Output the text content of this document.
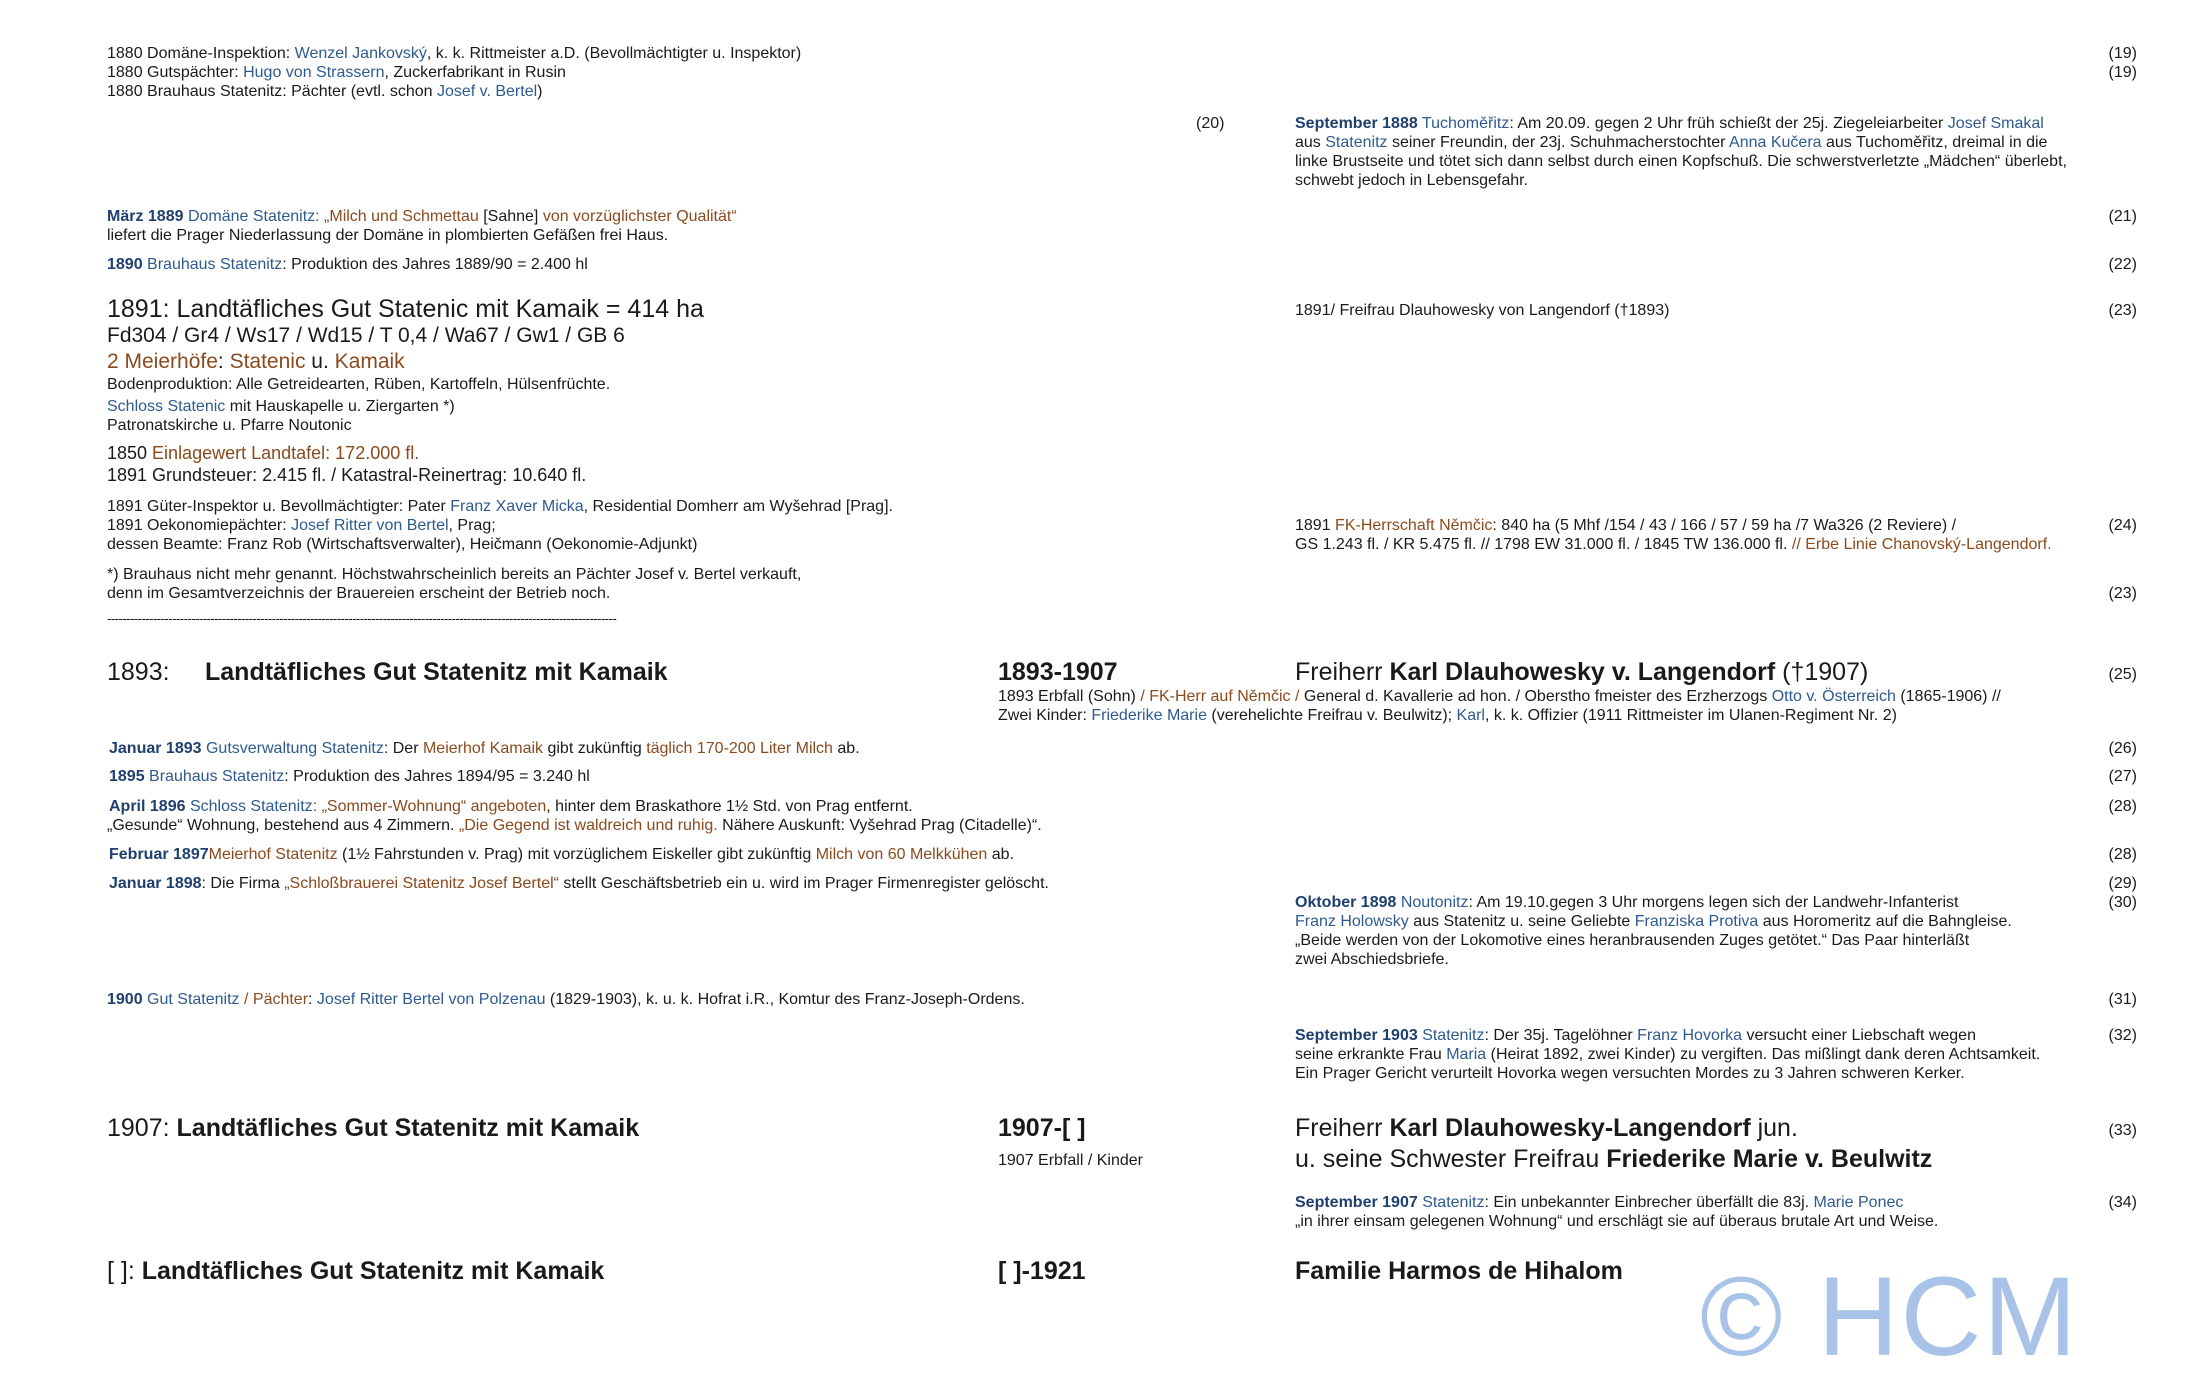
1880 Domäne-Inspektion: Wenzel Jankovský, k. k. Rittmeister a.D. (Bevollmächtigter u. Inspektor)	(19)
1880 Gutspächter: Hugo von Strassern, Zuckerfabrikant in Rusin	(19)
1880 Brauhaus Statenitz: Pächter (evtl. schon Josef v. Bertel)
(20)	September 1888 Tuchoměřitz: Am 20.09. gegen 2 Uhr früh schießt der 25j. Ziegeleiarbeiter Josef Smakal
aus Statenitz seiner Freundin, der 23j. Schuhmacherstochter Anna Kučera aus Tuchoměřitz, dreimal in die
linke Brustseite und tötet sich dann selbst durch einen Kopfschuß. Die schwerstverletzte „Mädchen“ überlebt,
schwebt jedoch in Lebensgefahr.
März 1889 Domäne Statenitz: „Milch und Schmettau [Sahne] von vorzüglichster Qualität“	(21)
liefert die Prager Niederlassung der Domäne in plombierten Gefäßen frei Haus.
1890 Brauhaus Statenitz: Produktion des Jahres 1889/90 = 2.400 hl	(22)
1891: Landtäfliches Gut Statenic mit Kamaik = 414 ha	1891/ Freifrau Dlauhowesky von Langendorf (†1893)	(23)
Fd304 / Gr4 / Ws17 / Wd15 / T 0,4 / Wa67 / Gw1 / GB 6
2 Meierhöfe: Statenic u. Kamaik
Bodenproduktion: Alle Getreidearten, Rüben, Kartoffeln, Hülsenfrüchte.
Schloss Statenic mit Hauskapelle u. Ziergarten *)
Patronatskirche u. Pfarre Noutonic
1850 Einlagewert Landtafel: 172.000 fl.
1891 Grundsteuer: 2.415 fl. / Katastral-Reinertrag: 10.640 fl.
1891 Güter-Inspektor u. Bevollmächtigter: Pater Franz Xaver Micka, Residential Domherr am Wyšehrad [Prag].
1891 Oekonomiepächter: Josef Ritter von Bertel, Prag;
dessen Beamte: Franz Rob (Wirtschaftsverwalter), Heičmann (Oekonomie-Adjunkt)
1891 FK-Herrschaft Němčic: 840 ha (5 Mhf /154 / 43 / 166 / 57 / 59 ha /7 Wa326 (2 Reviere) /	(24)
GS 1.243 fl. / KR 5.475 fl. // 1798 EW 31.000 fl. / 1845 TW 136.000 fl. // Erbe Linie Chanovský-Langendorf.
*) Brauhaus nicht mehr genannt. Höchstwahrscheinlich bereits an Pächter Josef v. Bertel verkauft,
denn im Gesamtverzeichnis der Brauereien erscheint der Betrieb noch.	(23)
-------------------------------------------------------------------------------------------------------------------------------------
1893: Landtäfliches Gut Statenitz mit Kamaik	1893-1907	Freiherr Karl Dlauhowesky v. Langendorf (†1907)	(25)
1893 Erbfall (Sohn) / FK-Herr auf Němčic / General d. Kavallerie ad hon. / Oberstho fmeister des Erzherzogs Otto v. Österreich (1865-1906) //
Zwei Kinder: Friederike Marie (verehelichte Freifrau v. Beulwitz); Karl, k. k. Offizier (1911 Rittmeister im Ulanen-Regiment Nr. 2)
Januar 1893 Gutsverwaltung Statenitz: Der Meierhof Kamaik gibt zukünftig täglich 170-200 Liter Milch ab.	(26)
1895 Brauhaus Statenitz: Produktion des Jahres 1894/95 = 3.240 hl	(27)
April 1896 Schloss Statenitz: „Sommer-Wohnung“ angeboten, hinter dem Braskathore 1½ Std. von Prag entfernt.	(28)
„Gesunde“ Wohnung, bestehend aus 4 Zimmern. „Die Gegend ist waldreich und ruhig. Nähere Auskunft: Vyšehrad Prag (Citadelle)“.
Februar 1897Meierhof Statenitz (1½ Fahrstunden v. Prag) mit vorzüglichem Eiskeller gibt zukünftig Milch von 60 Melkkühen ab.	(28)
Januar 1898: Die Firma „Schloßbrauerei Statenitz Josef Bertel“ stellt Geschäftsbetrieb ein u. wird im Prager Firmenregister gelöscht.	(29)
Oktober 1898 Noutonitz: Am 19.10.gegen 3 Uhr morgens legen sich der Landwehr-Infanterist	(30)
Franz Holowsky aus Statenitz u. seine Geliebte Franziska Protiva aus Horomeritz auf die Bahngleise.
„Beide werden von der Lokomotive eines heranbrausenden Zuges getötet.“ Das Paar hinterläßt
zwei Abschiedsbriefe.
1900 Gut Statenitz / Pächter: Josef Ritter Bertel von Polzenau (1829-1903), k. u. k. Hofrat i.R., Komtur des Franz-Joseph-Ordens.	(31)
September 1903 Statenitz: Der 35j. Tagelöhner Franz Hovorka versucht einer Liebschaft wegen	(32)
seine erkrankte Frau Maria (Heirat 1892, zwei Kinder) zu vergiften. Das mißlingt dank deren Achtsamkeit.
Ein Prager Gericht verurteilt Hovorka wegen versuchten Mordes zu 3 Jahren schweren Kerker.
1907: Landtäfliches Gut Statenitz mit Kamaik	1907-[ ]	Freiherr Karl Dlauhowesky-Langendorf jun.	(33)
1907 Erbfall / Kinder	u. seine Schwester Freifrau Friederike Marie v. Beulwitz
September 1907 Statenitz: Ein unbekannter Einbrecher überfällt die 83j. Marie Ponec	(34)
„in ihrer einsam gelegenen Wohnung“ und erschlägt sie auf überaus brutale Art und Weise.
[ ]: Landtäfliches Gut Statenitz mit Kamaik	[ ]-1921	Familie Harmos de Hihalom © HCM
